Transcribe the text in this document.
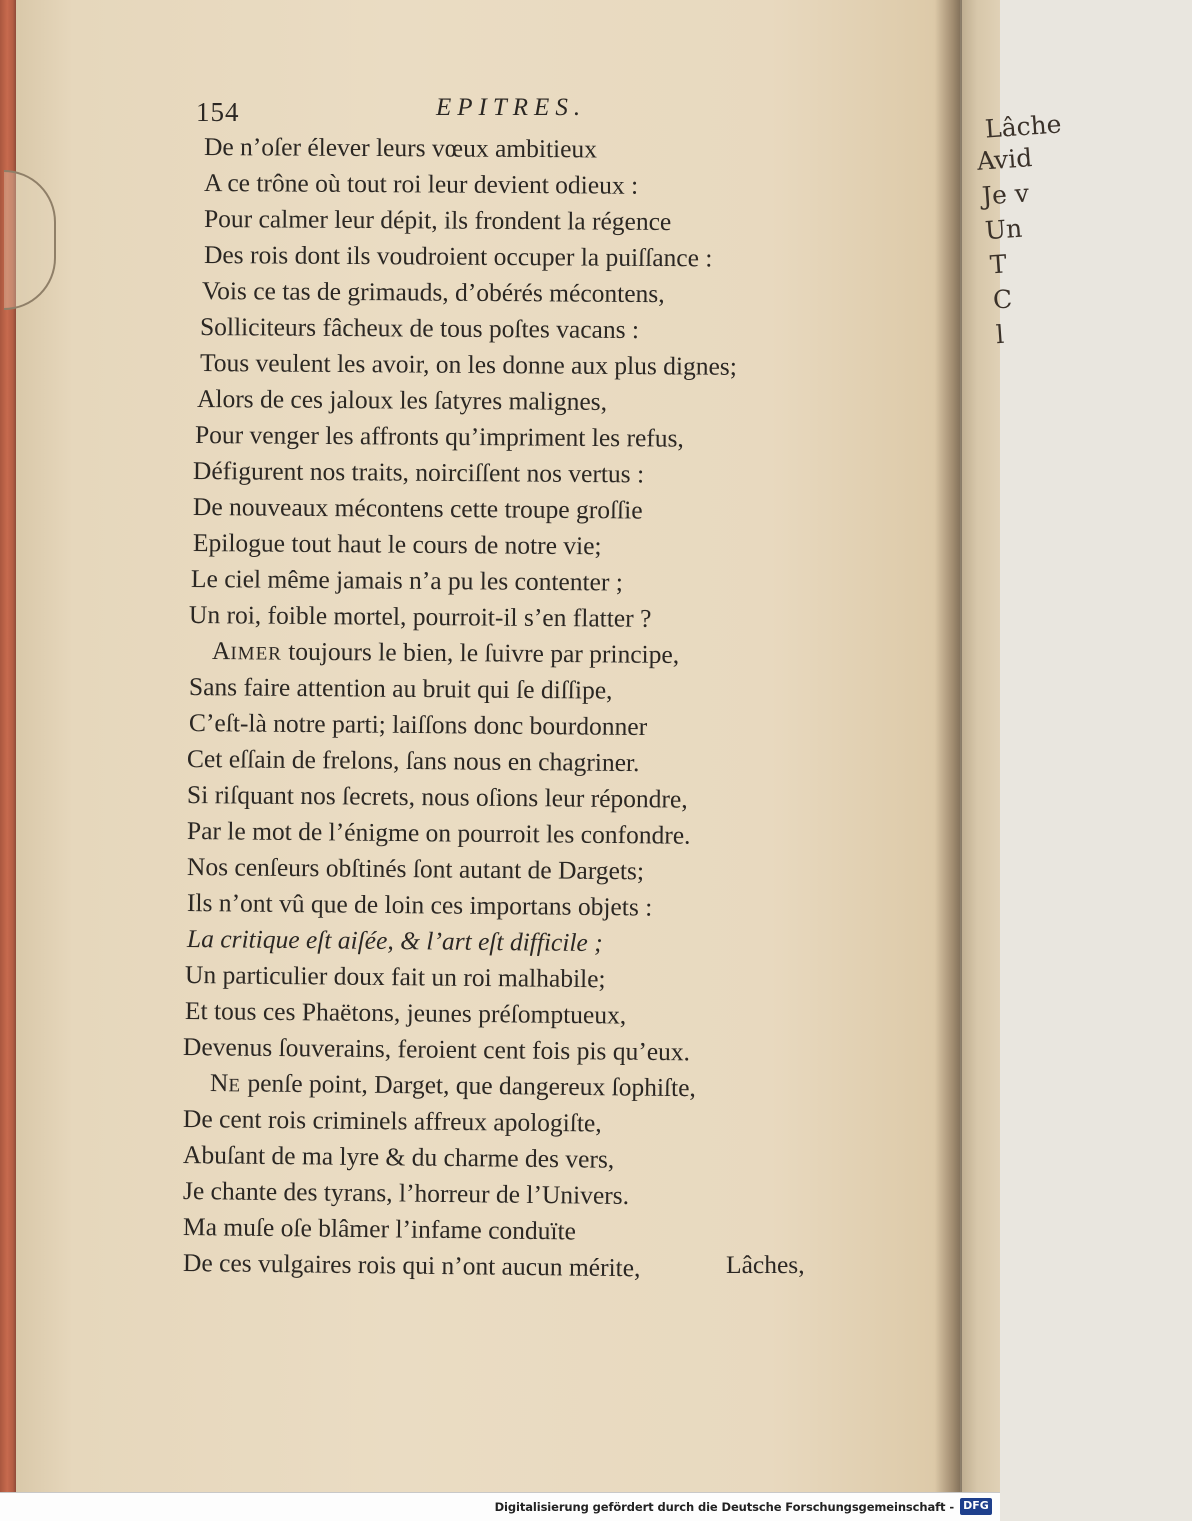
Lâche
Avid
Je v
Un
T
C
l
154	EPITRES.
De n’oſer élever leurs vœux ambitieux
A ce trône où tout roi leur devient odieux :
Pour calmer leur dépit, ils frondent la régence
Des rois dont ils voudroient occuper la puiſſance :
Vois ce tas de grimauds, d’obérés mécontens,
Solliciteurs fâcheux de tous poſtes vacans :
Tous veulent les avoir, on les donne aux plus dignes;
Alors de ces jaloux les ſatyres malignes,
Pour venger les affronts qu’impriment les refus,
Défigurent nos traits, noirciſſent nos vertus :
De nouveaux mécontens cette troupe groſſie
Epilogue tout haut le cours de notre vie;
Le ciel même jamais n’a pu les contenter ;
Un roi, foible mortel, pourroit-il s’en flatter ?
AIMER toujours le bien, le ſuivre par principe,
Sans faire attention au bruit qui ſe diſſipe,
C’eſt-là notre parti; laiſſons donc bourdonner
Cet eſſain de frelons, ſans nous en chagriner.
Si riſquant nos ſecrets, nous oſions leur répondre,
Par le mot de l’énigme on pourroit les confondre.
Nos cenſeurs obſtinés ſont autant de Dargets;
Ils n’ont vû que de loin ces importans objets :
La critique eſt aiſée, & l’art eſt difficile ;
Un particulier doux fait un roi malhabile;
Et tous ces Phaëtons, jeunes préſomptueux,
Devenus ſouverains, feroient cent fois pis qu’eux.
NE penſe point, Darget, que dangereux ſophiſte,
De cent rois criminels affreux apologiſte,
Abuſant de ma lyre & du charme des vers,
Je chante des tyrans, l’horreur de l’Univers.
Ma muſe oſe blâmer l’infame conduïte
De ces vulgaires rois qui n’ont aucun mérite,	Lâches,
Digitalisierung gefördert durch die Deutsche Forschungsgemeinschaft - DFG
